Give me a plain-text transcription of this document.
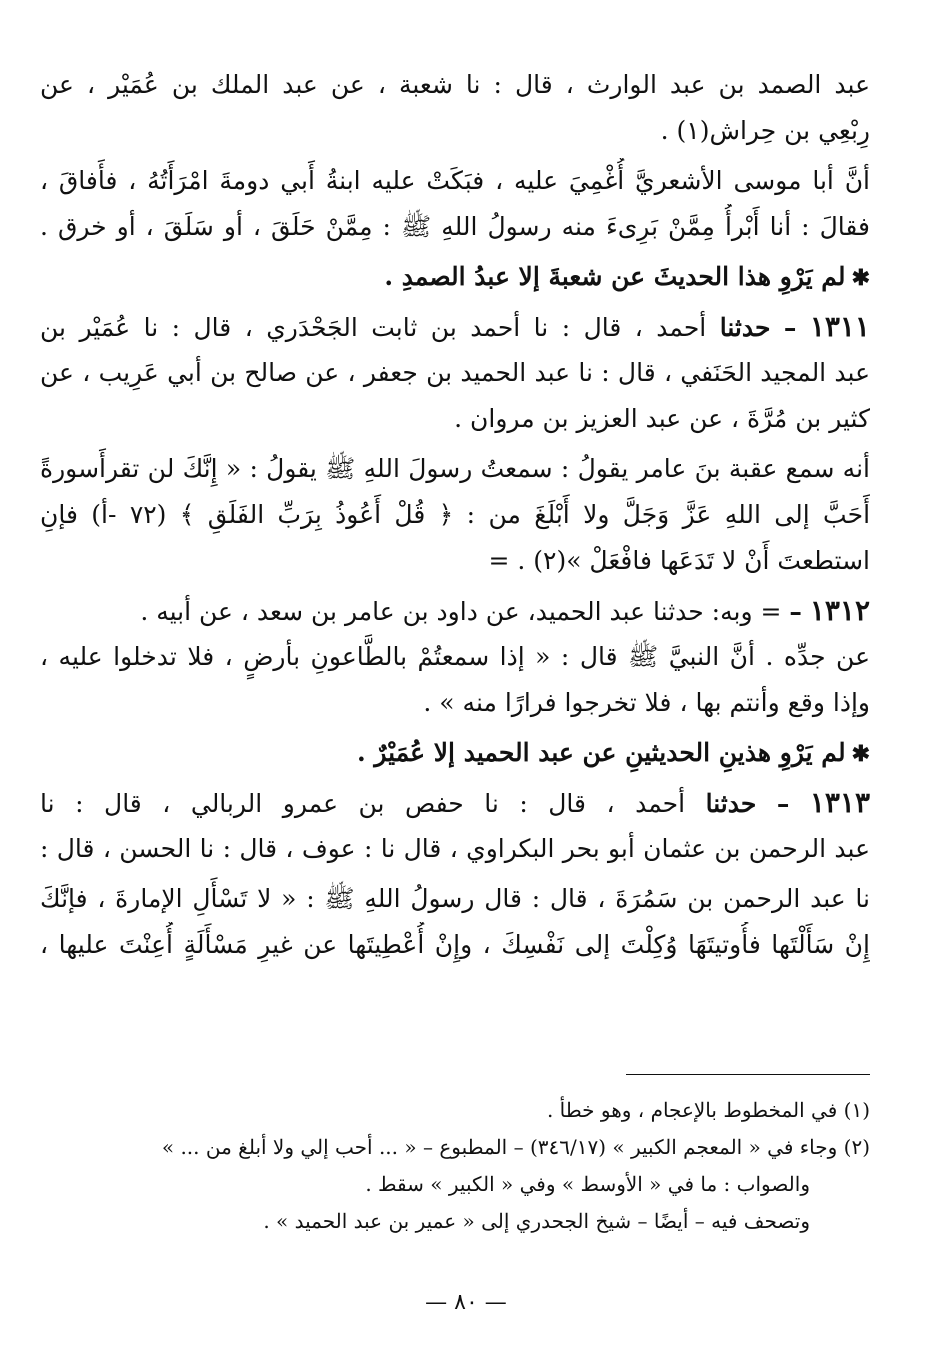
عبد الصمد بن عبد الوارث ، قال : نا شعبة ، عن عبد الملك بن عُمَيْر ، عن
رِبْعِي بن حِراش(١) .
أنَّ أبا موسى الأشعريَّ أُغْمِيَ عليه ، فبَكَتْ عليه ابنةُ أَبي دومةَ امْرَأَتُهُ ، فأَفاقَ ،
فقالَ : أنا أَبْرأُ مِمَّنْ بَرِىءَ منه رسولُ اللهِ ﷺ : مِمَّنْ حَلَقَ ، أو سَلَقَ ، أو خرق .
✱لم يَرْوِ هذا الحديثَ عن شعبةَ إلا عبدُ الصمدِ .
١٣١١ – حدثنا أحمد ، قال : نا أحمد بن ثابت الجَحْدَري ، قال : نا عُمَيْر بن
عبد المجيد الحَنَفي ، قال : نا عبد الحميد بن جعفر ، عن صالح بن أبي عَرِيب ، عن
كثير بن مُرَّةَ ، عن عبد العزيز بن مروان .
أنه سمع عقبة بنَ عامر يقولُ : سمعتُ رسولَ اللهِ ﷺ يقولُ : « إِنَّكَ لن تقرأَسورةً
أَحَبَّ إلى اللهِ عَزَّ وَجَلَّ ولا أَبْلَغَ من : ﴿ قُلْ أَعُوذُ بِرَبِّ الفَلَقِ ﴾ (٧٢ -أ) فإنِ
استطعتَ أَنْ لا تَدَعَها فافْعَلْ »(٢) . =
١٣١٢ – = وبه: حدثنا عبد الحميد، عن داود بن عامر بن سعد ، عن أبيه .
عن جدِّه . أنَّ النبيَّ ﷺ قال : « إذا سمعتُمْ بالطَّاعونِ بأرضٍ ، فلا تدخلوا عليه ،
وإذا وقع وأنتم بها ، فلا تخرجوا فرارًا منه » .
✱لم يَرْوِ هذينِ الحديثينِ عن عبد الحميد إلا عُمَيْرٌ .
١٣١٣ – حدثنا أحمد ، قال : نا حفص بن عمرو الربالي ، قال : نا
عبد الرحمن بن عثمان أبو بحر البكراوي ، قال نا : عوف ، قال : نا الحسن ، قال :
نا عبد الرحمن بن سَمُرَةَ ، قال : قال رسولُ اللهِ ﷺ : « لا تَسْأَلِ الإمارةَ ، فإنَّكَ
إِنْ سَأَلْتَها فأُوتيتَهَا وُكِلْتَ إلى نَفْسِكَ ، وإِنْ أُعْطِيتَها عن غيرِ مَسْأَلَةٍ أُعِنْتَ عليها ،
(١) في المخطوط بالإعجام ، وهو خطأ .
(٢) وجاء في « المعجم الكبير » (٣٤٦/١٧) – المطبوع – « ... أحب إلي ولا أبلغ من ... »
والصواب : ما في « الأوسط » وفي « الكبير » سقط .
وتصحف فيه – أيضًا – شيخ الجحدري إلى « عمير بن عبد الحميد » .
— ٨٠ —
